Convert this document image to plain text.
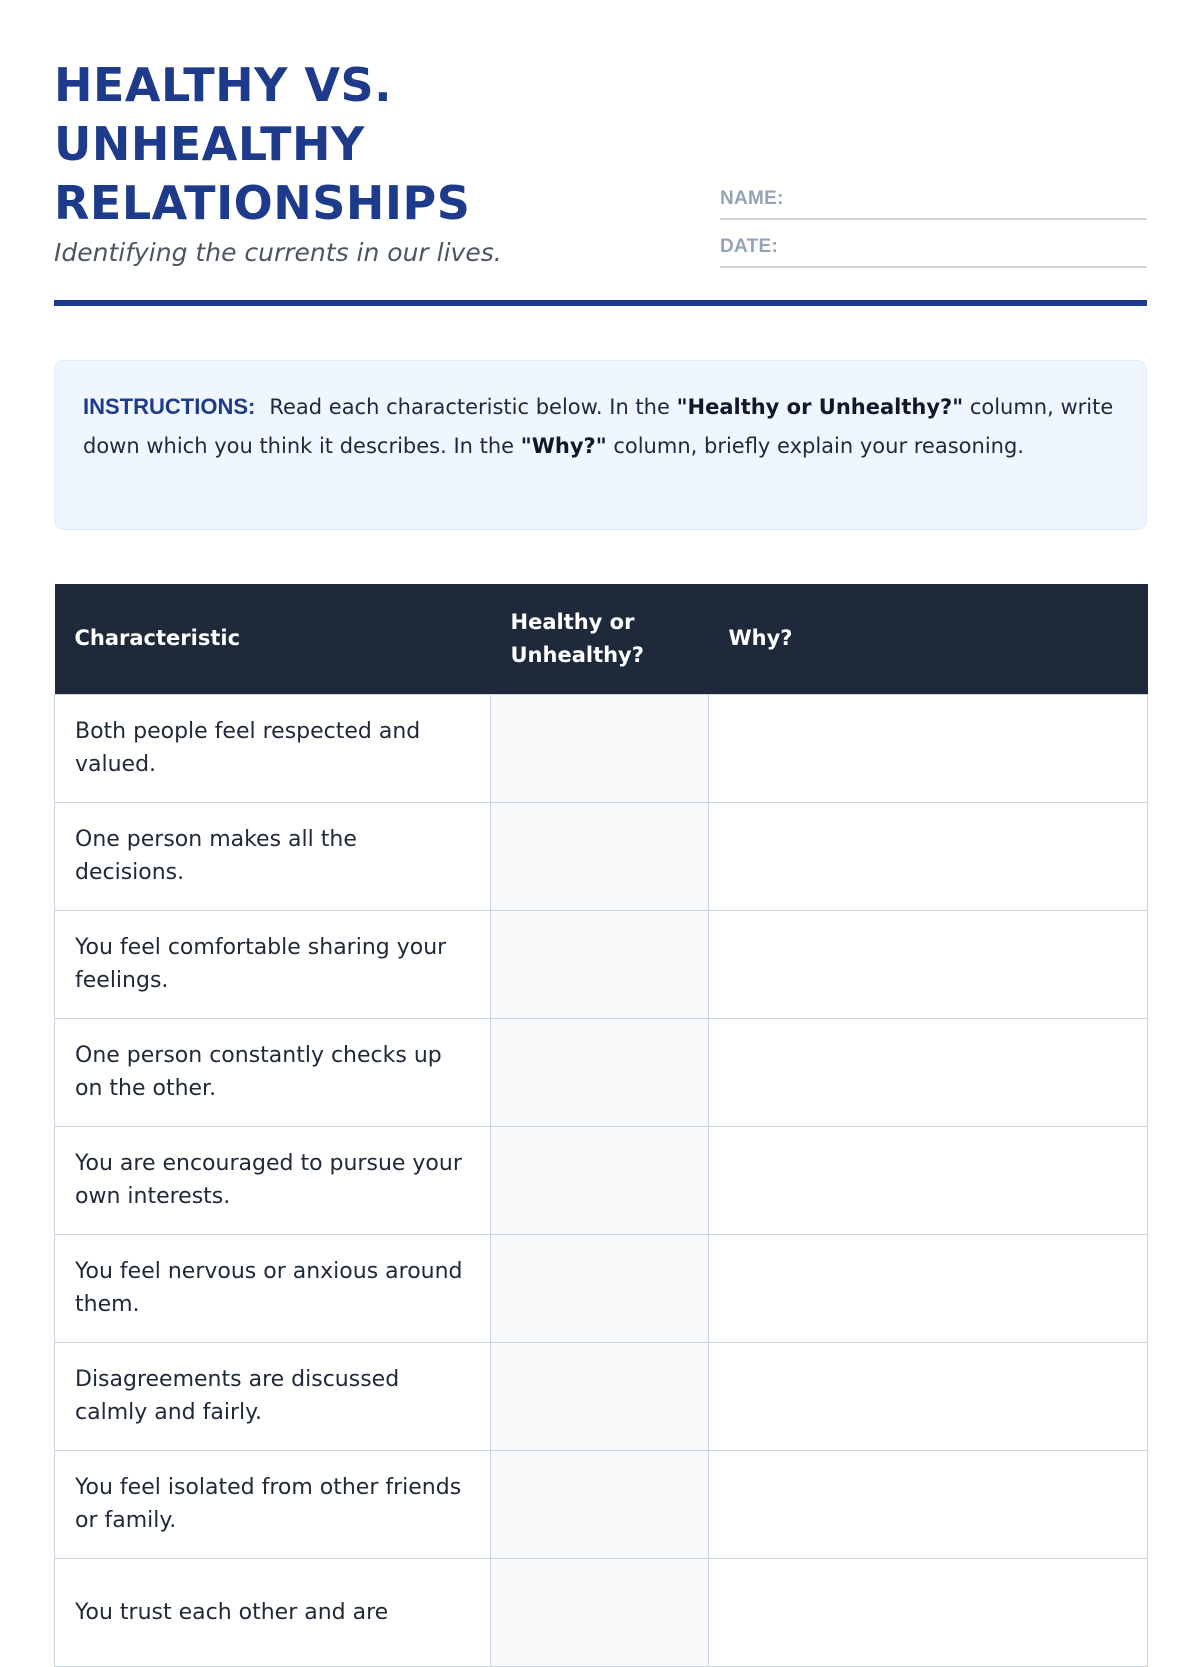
HEALTHY VS.
UNHEALTHY
RELATIONSHIPS
Identifying the currents in our lives.
NAME:
DATE:
INSTRUCTIONS: Read each characteristic below. In the "Healthy or Unhealthy?" column, write down which you think it describes. In the "Why?" column, briefly explain your reasoning.
Characteristic	Healthy or Unhealthy?	Why?
Both people feel respected and valued.		
One person makes all the decisions.		
You feel comfortable sharing your feelings.		
One person constantly checks up on the other.		
You are encouraged to pursue your own interests.		
You feel nervous or anxious around them.		
Disagreements are discussed calmly and fairly.		
You feel isolated from other friends or family.		
You trust each other and are		
